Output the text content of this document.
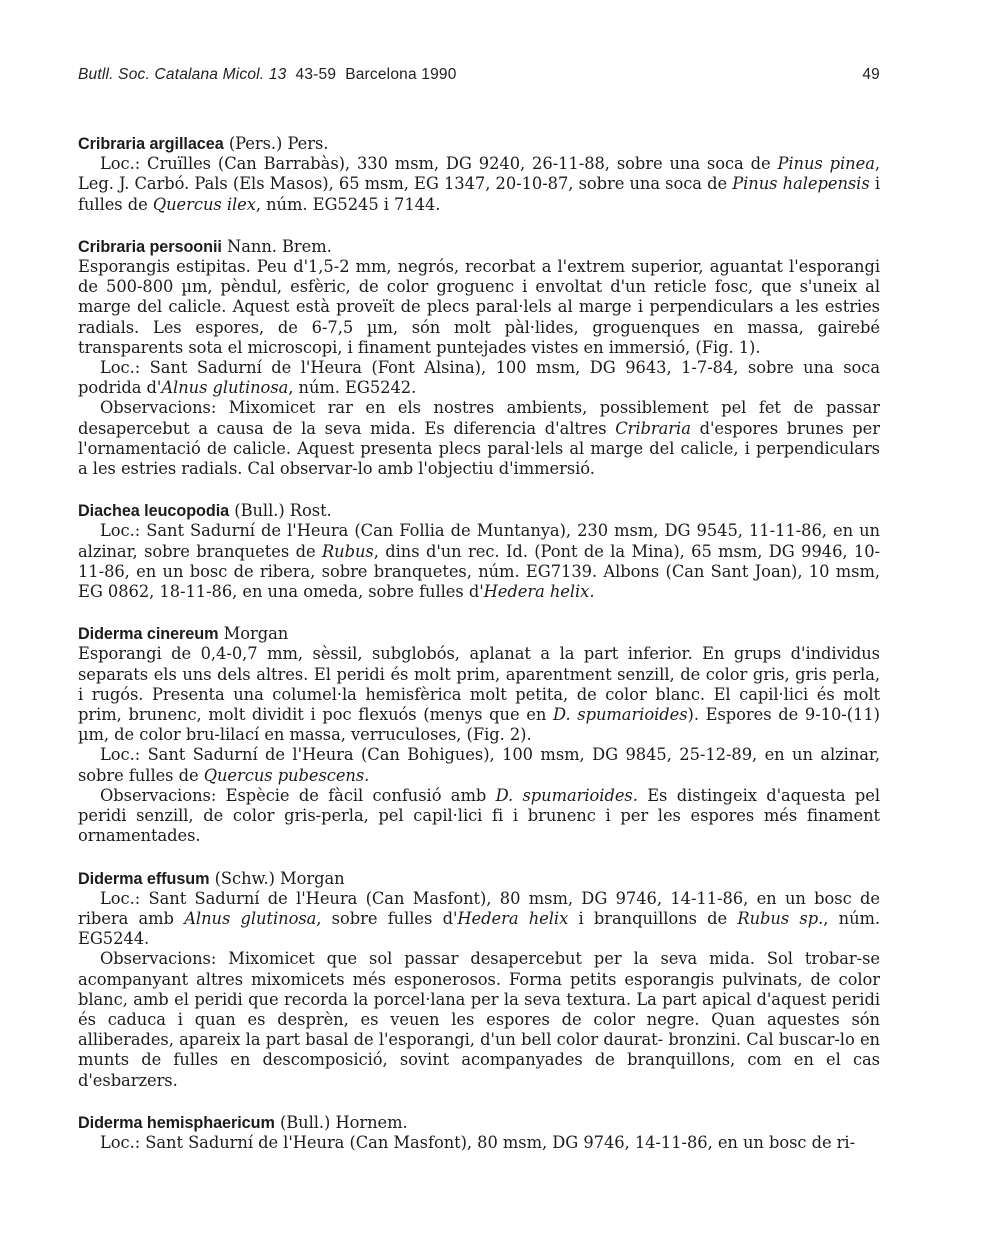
Butll. Soc. Catalana Micol. 13 43-59 Barcelona 1990	49

Cribraria argillacea (Pers.) Pers.

Loc.: Cruïlles (Can Barrabàs), 330 msm, DG 9240, 26-11-88, sobre una soca de Pinus pinea, Leg. J. Carbó. Pals (Els Masos), 65 msm, EG 1347, 20-10-87, sobre una soca de Pinus halepensis i fulles de Quercus ilex, núm. EG5245 i 7144.

Cribraria persoonii Nann. Brem.

Esporangis estipitas. Peu d'1,5-2 mm, negrós, recorbat a l'extrem superior, aguantat l'esporangi de 500-800 µm, pèndul, esfèric, de color groguenc i envoltat d'un reticle fosc, que s'uneix al marge del calicle. Aquest està proveït de plecs paral·lels al marge i perpendiculars a les estries radials. Les espores, de 6-7,5 µm, són molt pàl·lides, groguenques en massa, gairebé transparents sota el microscopi, i finament puntejades vistes en immersió, (Fig. 1).

Loc.: Sant Sadurní de l'Heura (Font Alsina), 100 msm, DG 9643, 1-7-84, sobre una soca podrida d'Alnus glutinosa, núm. EG5242.

Observacions: Mixomicet rar en els nostres ambients, possiblement pel fet de passar desapercebut a causa de la seva mida. Es diferencia d'altres Cribraria d'espores brunes per l'ornamentació de calicle. Aquest presenta plecs paral·lels al marge del calicle, i perpendiculars a les estries radials. Cal observar-lo amb l'objectiu d'immersió.

Diachea leucopodia (Bull.) Rost.

Loc.: Sant Sadurní de l'Heura (Can Follia de Muntanya), 230 msm, DG 9545, 11-11-86, en un alzinar, sobre branquetes de Rubus, dins d'un rec. Id. (Pont de la Mina), 65 msm, DG 9946, 10-11-86, en un bosc de ribera, sobre branquetes, núm. EG7139. Albons (Can Sant Joan), 10 msm, EG 0862, 18-11-86, en una omeda, sobre fulles d'Hedera helix.

Diderma cinereum Morgan

Esporangi de 0,4-0,7 mm, sèssil, subglobós, aplanat a la part inferior. En grups d'individus separats els uns dels altres. El peridi és molt prim, aparentment senzill, de color gris, gris perla, i rugós. Presenta una columel·la hemisfèrica molt petita, de color blanc. El capil·lici és molt prim, brunenc, molt dividit i poc flexuós (menys que en D. spumarioides). Espores de 9-10-(11) µm, de color bru-lilací en massa, verruculoses, (Fig. 2).

Loc.: Sant Sadurní de l'Heura (Can Bohigues), 100 msm, DG 9845, 25-12-89, en un alzinar, sobre fulles de Quercus pubescens.

Observacions: Espècie de fàcil confusió amb D. spumarioides. Es distingeix d'aquesta pel peridi senzill, de color gris-perla, pel capil·lici fi i brunenc i per les espores més finament ornamentades.

Diderma effusum (Schw.) Morgan

Loc.: Sant Sadurní de l'Heura (Can Masfont), 80 msm, DG 9746, 14-11-86, en un bosc de ribera amb Alnus glutinosa, sobre fulles d'Hedera helix i branquillons de Rubus sp., núm. EG5244.

Observacions: Mixomicet que sol passar desapercebut per la seva mida. Sol trobar-se acompanyant altres mixomicets més esponerosos. Forma petits esporangis pulvinats, de color blanc, amb el peridi que recorda la porcel·lana per la seva textura. La part apical d'aquest peridi és caduca i quan es desprèn, es veuen les espores de color negre. Quan aquestes són alliberades, apareix la part basal de l'esporangi, d'un bell color daurat- bronzini. Cal buscar-lo en munts de fulles en descomposició, sovint acompanyades de branquillons, com en el cas d'esbarzers.

Diderma hemisphaericum (Bull.) Hornem.

Loc.: Sant Sadurní de l'Heura (Can Masfont), 80 msm, DG 9746, 14-11-86, en un bosc de ri-
